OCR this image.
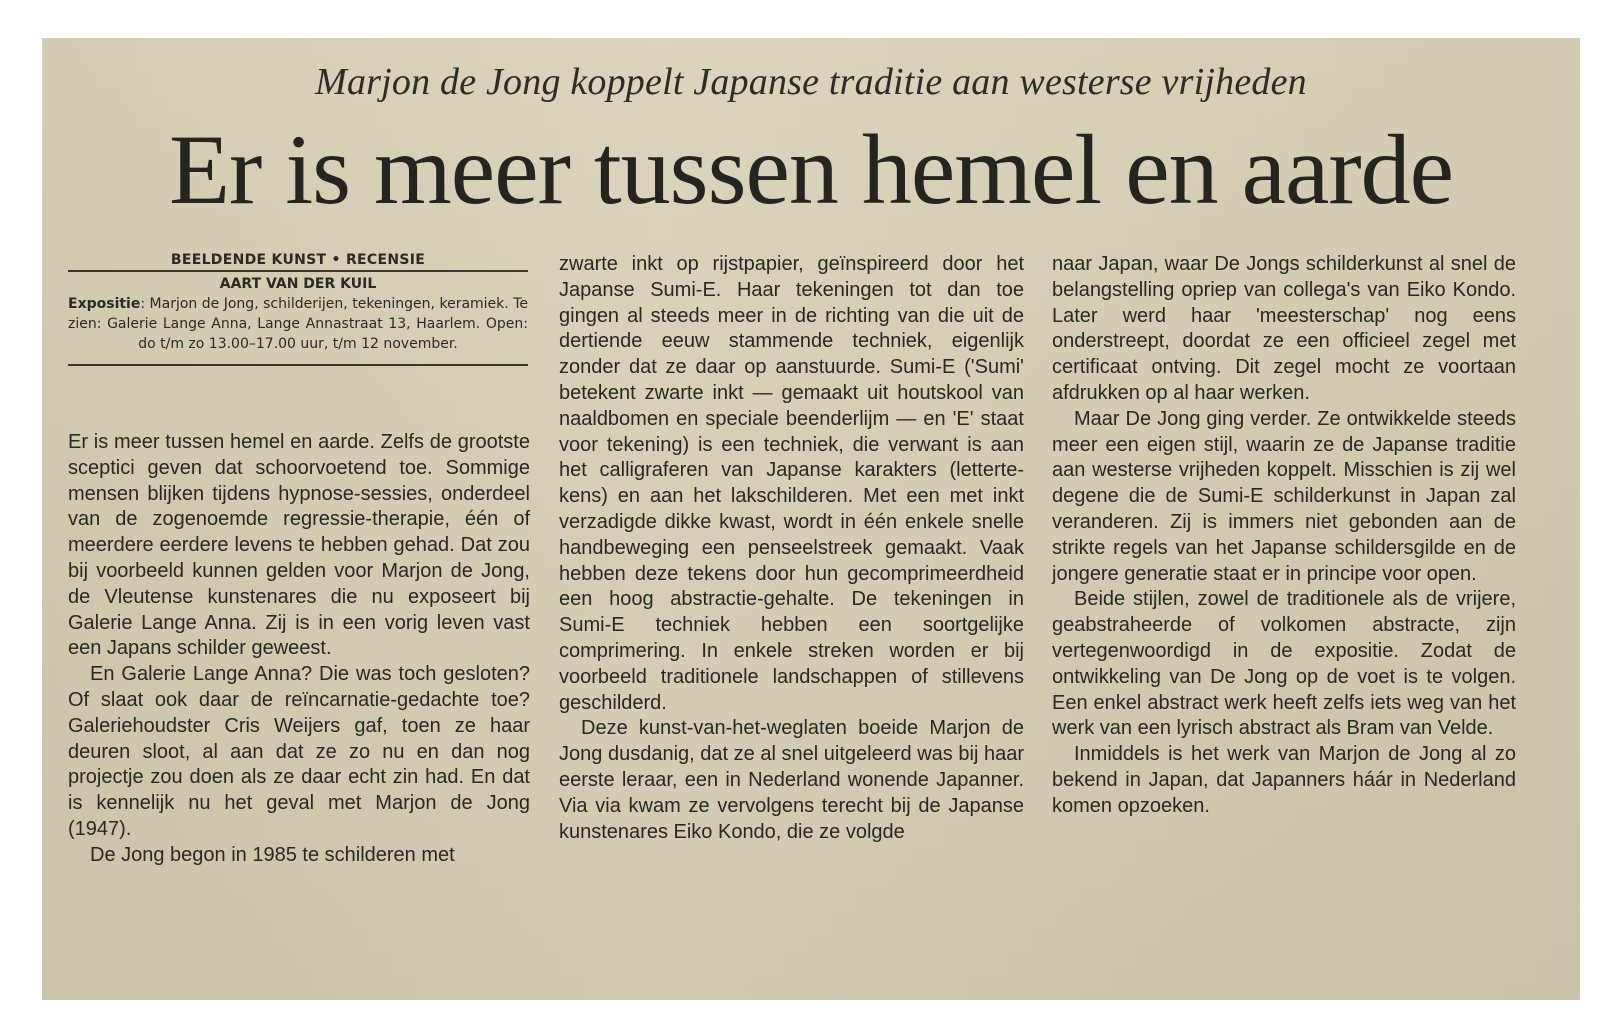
Marjon de Jong koppelt Japanse traditie aan westerse vrijheden
Er is meer tussen hemel en aarde
BEELDENDE KUNST • RECENSIE
AART VAN DER KUIL
Expositie: Marjon de Jong, schilderijen, tekeningen, keramiek. Te zien: Galerie Lange Anna, Lange Annastraat 13, Haarlem. Open: do t/m zo 13.00–17.00 uur, t/m 12 november.

Er is meer tussen hemel en aarde. Zelfs de grootste sceptici geven dat schoorvoetend toe. Sommige mensen blijken tijdens hypnose-sessies, onderdeel van de zogenoemde regressie-therapie, één of meerdere eerdere levens te hebben gehad. Dat zou bij voorbeeld kunnen gelden voor Marjon de Jong, de Vleutense kunstenares die nu exposeert bij Galerie Lange Anna. Zij is in een vorig leven vast een Japans schilder geweest.

En Galerie Lange Anna? Die was toch gesloten? Of slaat ook daar de reïncarnatie-gedachte toe? Galeriehoudster Cris Weijers gaf, toen ze haar deuren sloot, al aan dat ze zo nu en dan nog projectje zou doen als ze daar echt zin had. En dat is kennelijk nu het geval met Marjon de Jong (1947).

De Jong begon in 1985 te schilderen met

zwarte inkt op rijstpapier, geïnspireerd door het Japanse Sumi-E. Haar tekeningen tot dan toe gingen al steeds meer in de richting van die uit de dertiende eeuw stammende techniek, eigenlijk zonder dat ze daar op aanstuurde. Sumi-E ('Sumi' betekent zwarte inkt — gemaakt uit houtskool van naaldbomen en speciale beenderlijm — en 'E' staat voor tekening) is een techniek, die verwant is aan het calligraferen van Japanse karakters (lettertekens) en aan het lakschilderen. Met een met inkt verzadigde dikke kwast, wordt in één enkele snelle handbeweging een penseelstreek gemaakt. Vaak hebben deze tekens door hun gecomprimeerdheid een hoog abstractie-gehalte. De tekeningen in Sumi-E techniek hebben een soortgelijke comprimering. In enkele streken worden er bij voorbeeld traditionele landschappen of stillevens geschilderd.

Deze kunst-van-het-weglaten boeide Marjon de Jong dusdanig, dat ze al snel uitgeleerd was bij haar eerste leraar, een in Nederland wonende Japanner. Via via kwam ze vervolgens terecht bij de Japanse kunstenares Eiko Kondo, die ze volgde

naar Japan, waar De Jongs schilderkunst al snel de belangstelling opriep van collega's van Eiko Kondo. Later werd haar 'meesterschap' nog eens onderstreept, doordat ze een officieel zegel met certificaat ontving. Dit zegel mocht ze voortaan afdrukken op al haar werken.

Maar De Jong ging verder. Ze ontwikkelde steeds meer een eigen stijl, waarin ze de Japanse traditie aan westerse vrijheden koppelt. Misschien is zij wel degene die de Sumi-E schilderkunst in Japan zal veranderen. Zij is immers niet gebonden aan de strikte regels van het Japanse schildersgilde en de jongere generatie staat er in principe voor open.

Beide stijlen, zowel de traditionele als de vrijere, geabstraheerde of volkomen abstracte, zijn vertegenwoordigd in de expositie. Zodat de ontwikkeling van De Jong op de voet is te volgen. Een enkel abstract werk heeft zelfs iets weg van het werk van een lyrisch abstract als Bram van Velde.

Inmiddels is het werk van Marjon de Jong al zo bekend in Japan, dat Japanners háár in Nederland komen opzoeken.
